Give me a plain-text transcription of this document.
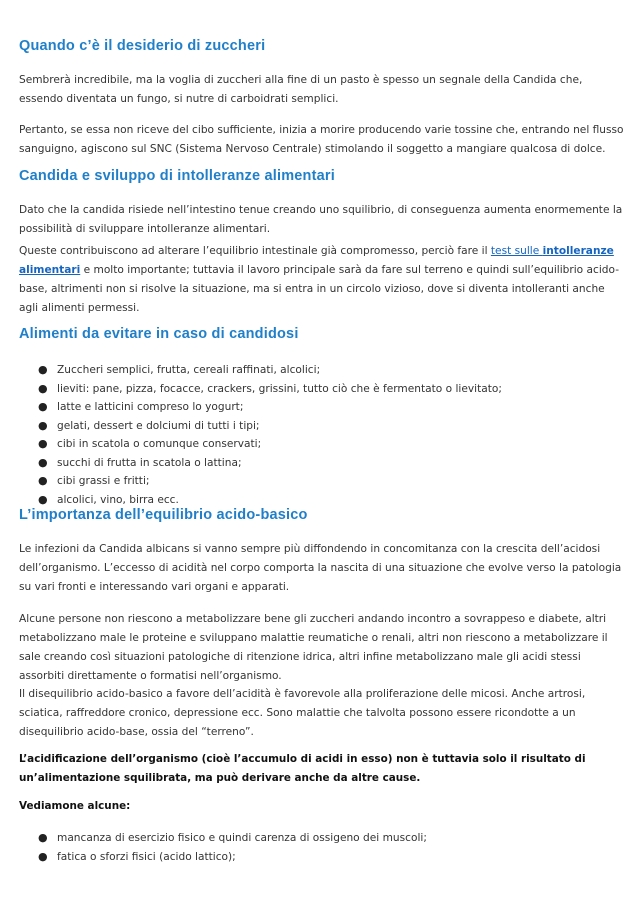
Quando c’è il desiderio di zuccheri

Sembrerà incredibile, ma la voglia di zuccheri alla fine di un pasto è spesso un segnale della Candida che, essendo diventata un fungo, si nutre di carboidrati semplici.

Pertanto, se essa non riceve del cibo sufficiente, inizia a morire producendo varie tossine che, entrando nel flusso sanguigno, agiscono sul SNC (Sistema Nervoso Centrale) stimolando il soggetto a mangiare qualcosa di dolce.

Candida e sviluppo di intolleranze alimentari

Dato che la candida risiede nell’intestino tenue creando uno squilibrio, di conseguenza aumenta enormemente la possibilità di sviluppare intolleranze alimentari.

Queste contribuiscono ad alterare l’equilibrio intestinale già compromesso, perciò fare il test sulle intolleranze alimentari e molto importante; tuttavia il lavoro principale sarà da fare sul terreno e quindi sull’equilibrio acido-base, altrimenti non si risolve la situazione, ma si entra in un circolo vizioso, dove si diventa intolleranti anche agli alimenti permessi.

Alimenti da evitare in caso di candidosi
● Zuccheri semplici, frutta, cereali raffinati, alcolici;
● lieviti: pane, pizza, focacce, crackers, grissini, tutto ciò che è fermentato o lievitato;
● latte e latticini compreso lo yogurt;
● gelati, dessert e dolciumi di tutti i tipi;
● cibi in scatola o comunque conservati;
● succhi di frutta in scatola o lattina;
● cibi grassi e fritti;
● alcolici, vino, birra ecc.
L’importanza dell’equilibrio acido-basico

Le infezioni da Candida albicans si vanno sempre più diffondendo in concomitanza con la crescita dell’acidosi dell’organismo. L’eccesso di acidità nel corpo comporta la nascita di una situazione che evolve verso la patologia su vari fronti e interessando vari organi e apparati.

Alcune persone non riescono a metabolizzare bene gli zuccheri andando incontro a sovrappeso e diabete, altri metabolizzano male le proteine e sviluppano malattie reumatiche o renali, altri non riescono a metabolizzare il sale creando così situazioni patologiche di ritenzione idrica, altri infine metabolizzano male gli acidi stessi assorbiti direttamente o formatisi nell’organismo.

Il disequilibrio acido-basico a favore dell’acidità è favorevole alla proliferazione delle micosi. Anche artrosi, sciatica, raffreddore cronico, depressione ecc. Sono malattie che talvolta possono essere ricondotte a un disequilibrio acido-base, ossia del “terreno”.

L’acidificazione dell’organismo (cioè l’accumulo di acidi in esso) non è tuttavia solo il risultato di un’alimentazione squilibrata, ma può derivare anche da altre cause.

Vediamone alcune:

● mancanza di esercizio fisico e quindi carenza di ossigeno dei muscoli;
● fatica o sforzi fisici (acido lattico);
